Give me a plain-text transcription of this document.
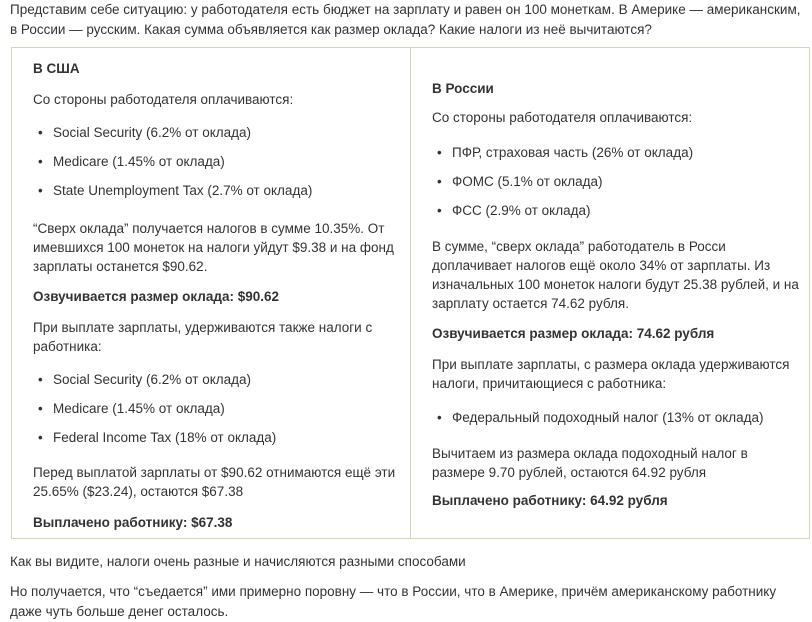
Представим себе ситуацию: у работодателя есть бюджет на зарплату и равен он 100 монеткам. В Америке — американским, в России — русским. Какая сумма объявляется как размер оклада? Какие налоги из неё вычитаются?

В США

Со стороны работодателя оплачиваются:

• Social Security (6.2% от оклада)
• Medicare (1.45% от оклада)
• State Unemployment Tax (2.7% от оклада)

“Сверх оклада” получается налогов в сумме 10.35%. От имевшихся 100 монеток на налоги уйдут $9.38 и на фонд зарплаты останется $90.62.

Озвучивается размер оклада: $90.62

При выплате зарплаты, удерживаются также налоги с работника:

• Social Security (6.2% от оклада)
• Medicare (1.45% от оклада)
• Federal Income Tax (18% от оклада)

Перед выплатой зарплаты от $90.62 отнимаются ещё эти 25.65% ($23.24), остаются $67.38

Выплачено работнику: $67.38

В России

Со стороны работодателя оплачиваются:

• ПФР, страховая часть (26% от оклада)
• ФОМС (5.1% от оклада)
• ФСС (2.9% от оклада)

В сумме, “сверх оклада” работодатель в Росси доплачивает налогов ещё около 34% от зарплаты. Из изначальных 100 монеток налоги будут 25.38 рублей, и на зарплату остается 74.62 рубля.

Озвучивается размер оклада: 74.62 рубля

При выплате зарплаты, с размера оклада удерживаются налоги, причитающиеся с работника:

• Федеральный подоходный налог (13% от оклада)

Вычитаем из размера оклада подоходный налог в размере 9.70 рублей, остаются 64.92 рубля

Выплачено работнику: 64.92 рубля

Как вы видите, налоги очень разные и начисляются разными способами

Но получается, что “съедается” ими примерно поровну — что в России, что в Америке, причём американскому работнику даже чуть больше денег осталось.
